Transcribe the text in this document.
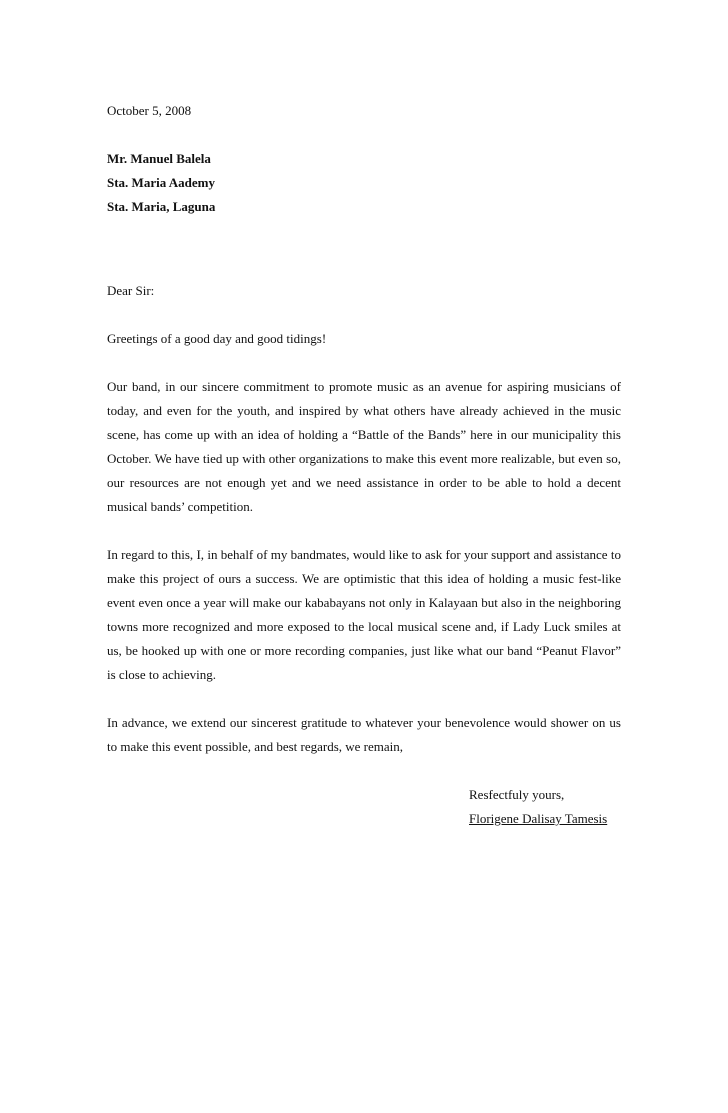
October 5, 2008

Mr. Manuel Balela

Sta. Maria Aademy

Sta. Maria, Laguna

Dear Sir:

Greetings of a good day and good tidings!

Our band, in our sincere commitment to promote music as an avenue for aspiring musicians of today, and even for the youth, and inspired by what others have already achieved in the music scene, has come up with an idea of holding a “Battle of the Bands” here in our municipality this October. We have tied up with other organizations to make this event more realizable, but even so, our resources are not enough yet and we need assistance in order to be able to hold a decent musical bands’ competition.

In regard to this, I, in behalf of my bandmates, would like to ask for your support and assistance to make this project of ours a success. We are optimistic that this idea of holding a music fest-like event even once a year will make our kababayans not only in Kalayaan but also in the neighboring towns more recognized and more exposed to the local musical scene and, if Lady Luck smiles at us, be hooked up with one or more recording companies, just like what our band “Peanut Flavor” is close to achieving.

In advance, we extend our sincerest gratitude to whatever your benevolence would shower on us to make this event possible, and best regards, we remain,

Resfectfuly yours,

Florigene Dalisay Tamesis
